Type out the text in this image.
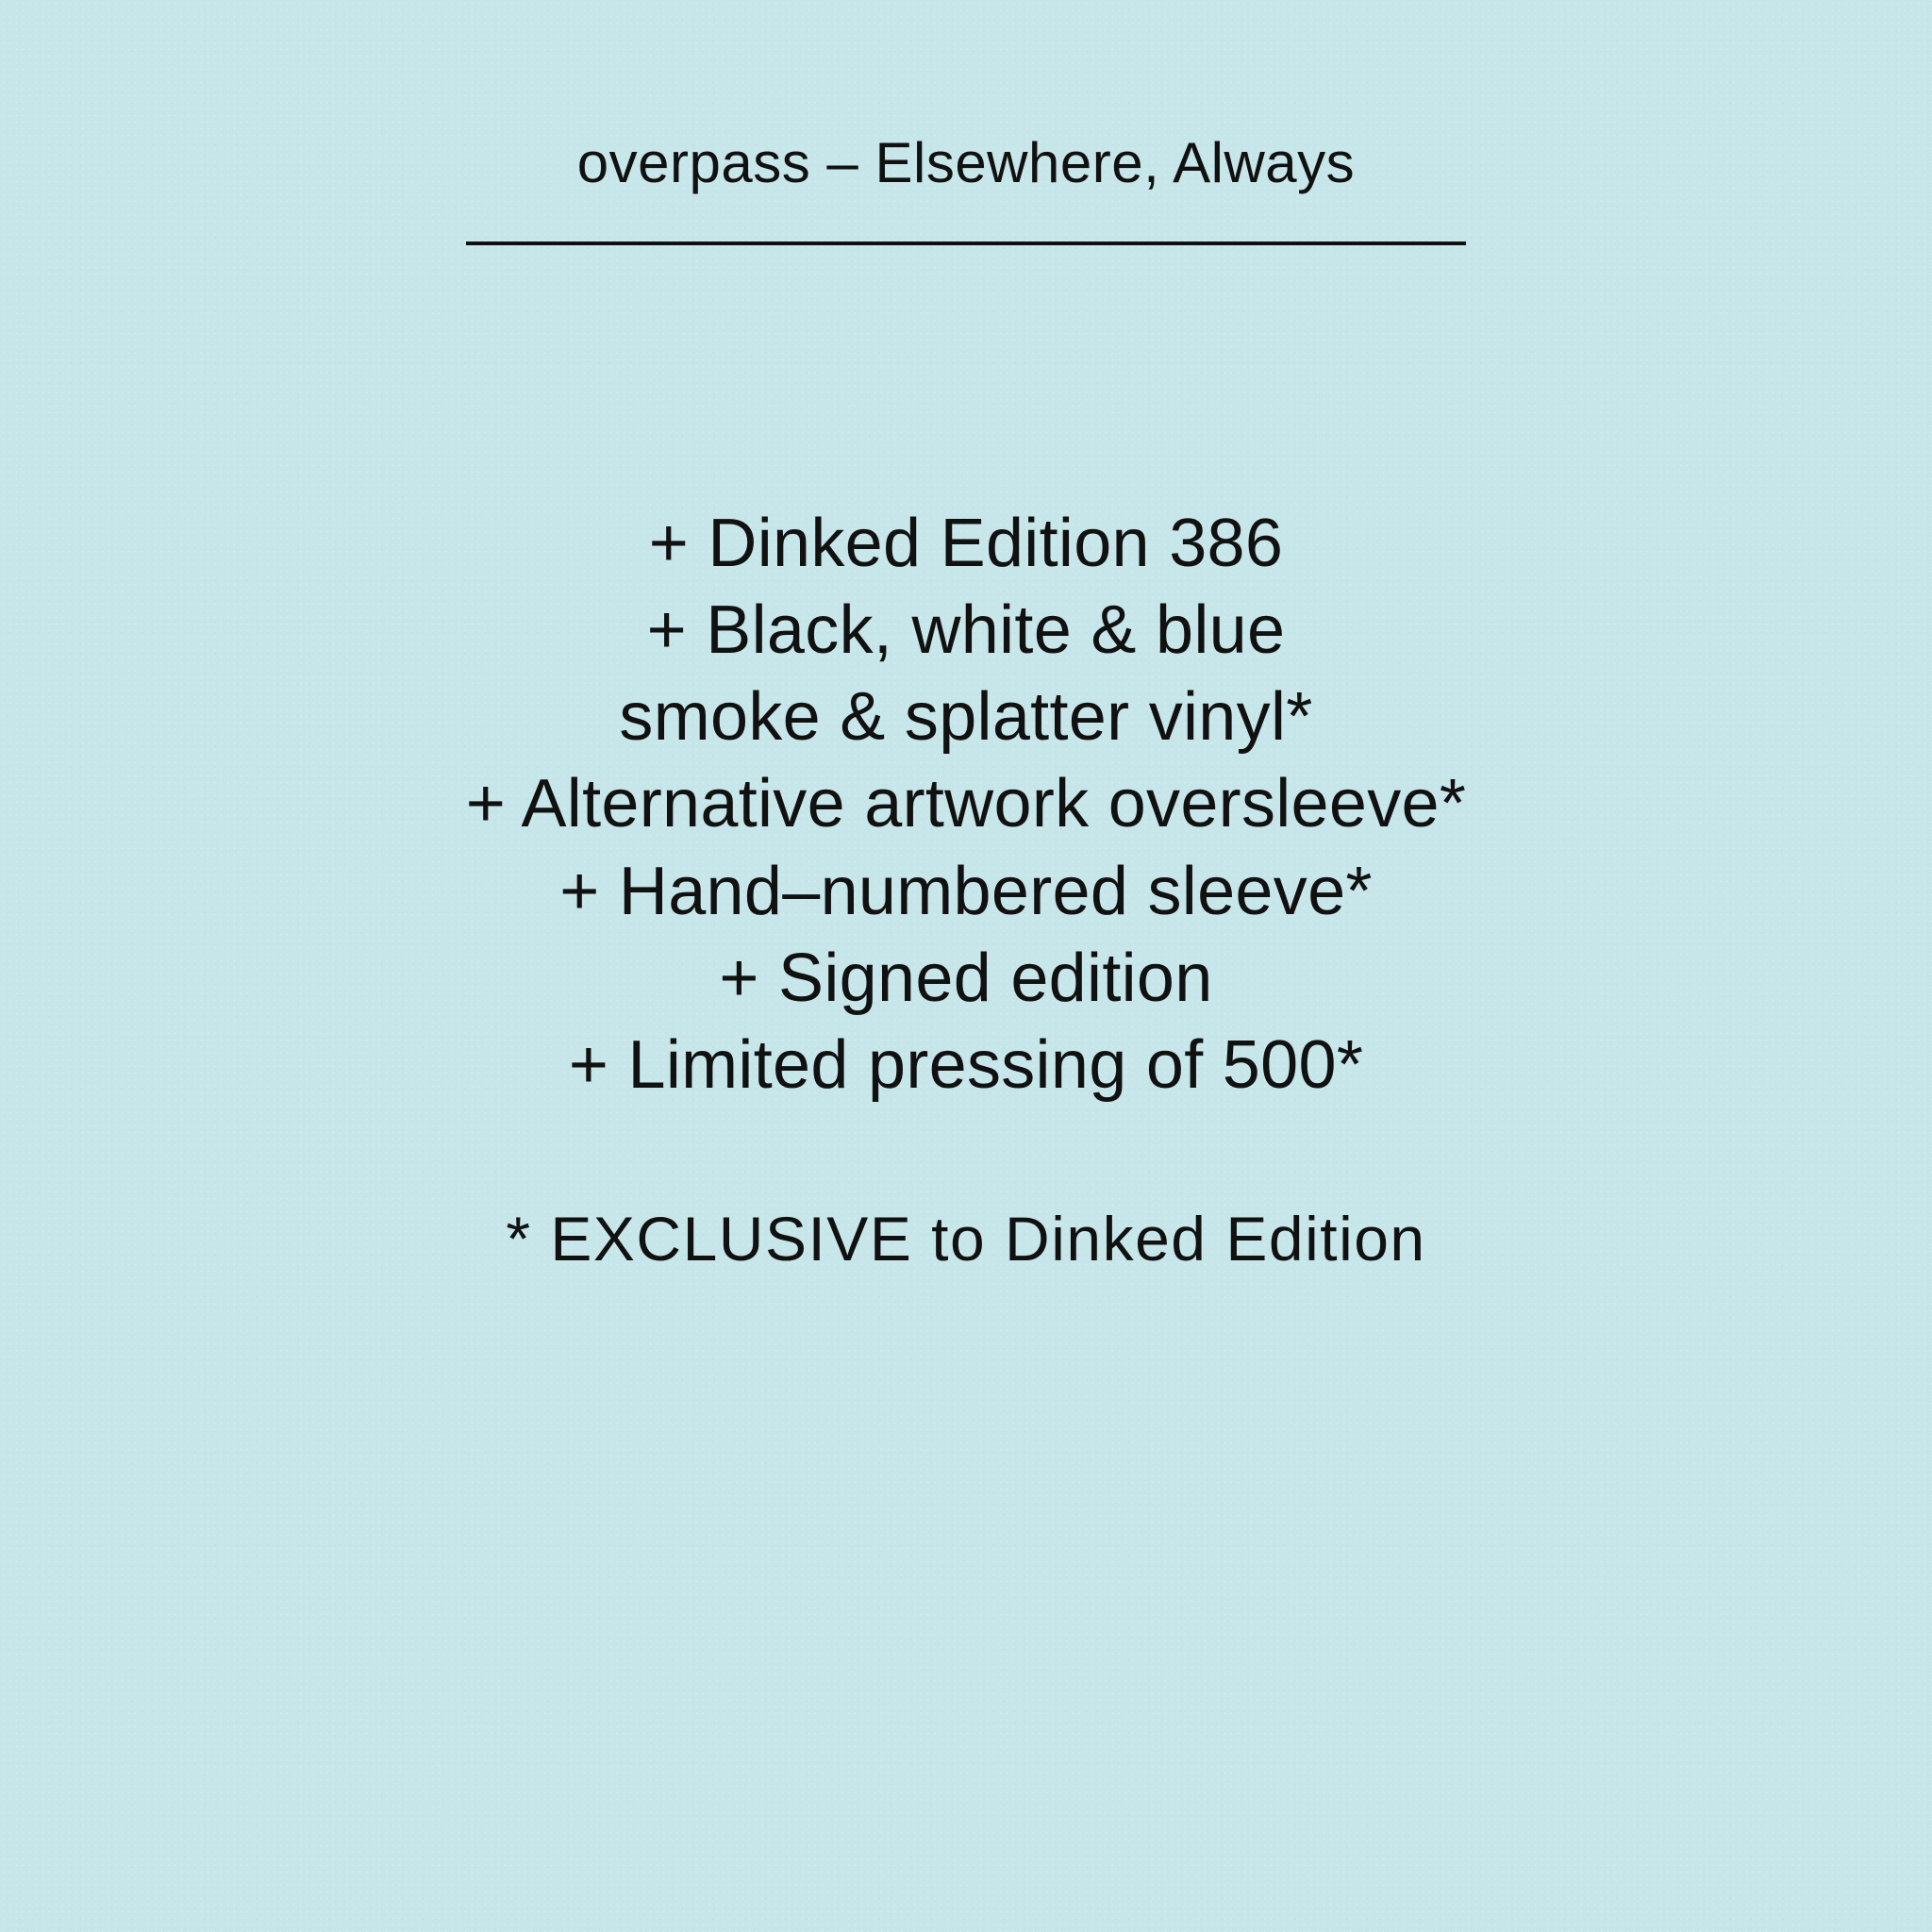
overpass – Elsewhere, Always
+ Dinked Edition 386
+ Black, white & blue
smoke & splatter vinyl*
+ Alternative artwork oversleeve*
+ Hand–numbered sleeve*
+ Signed edition
+ Limited pressing of 500*
* EXCLUSIVE to Dinked Edition
